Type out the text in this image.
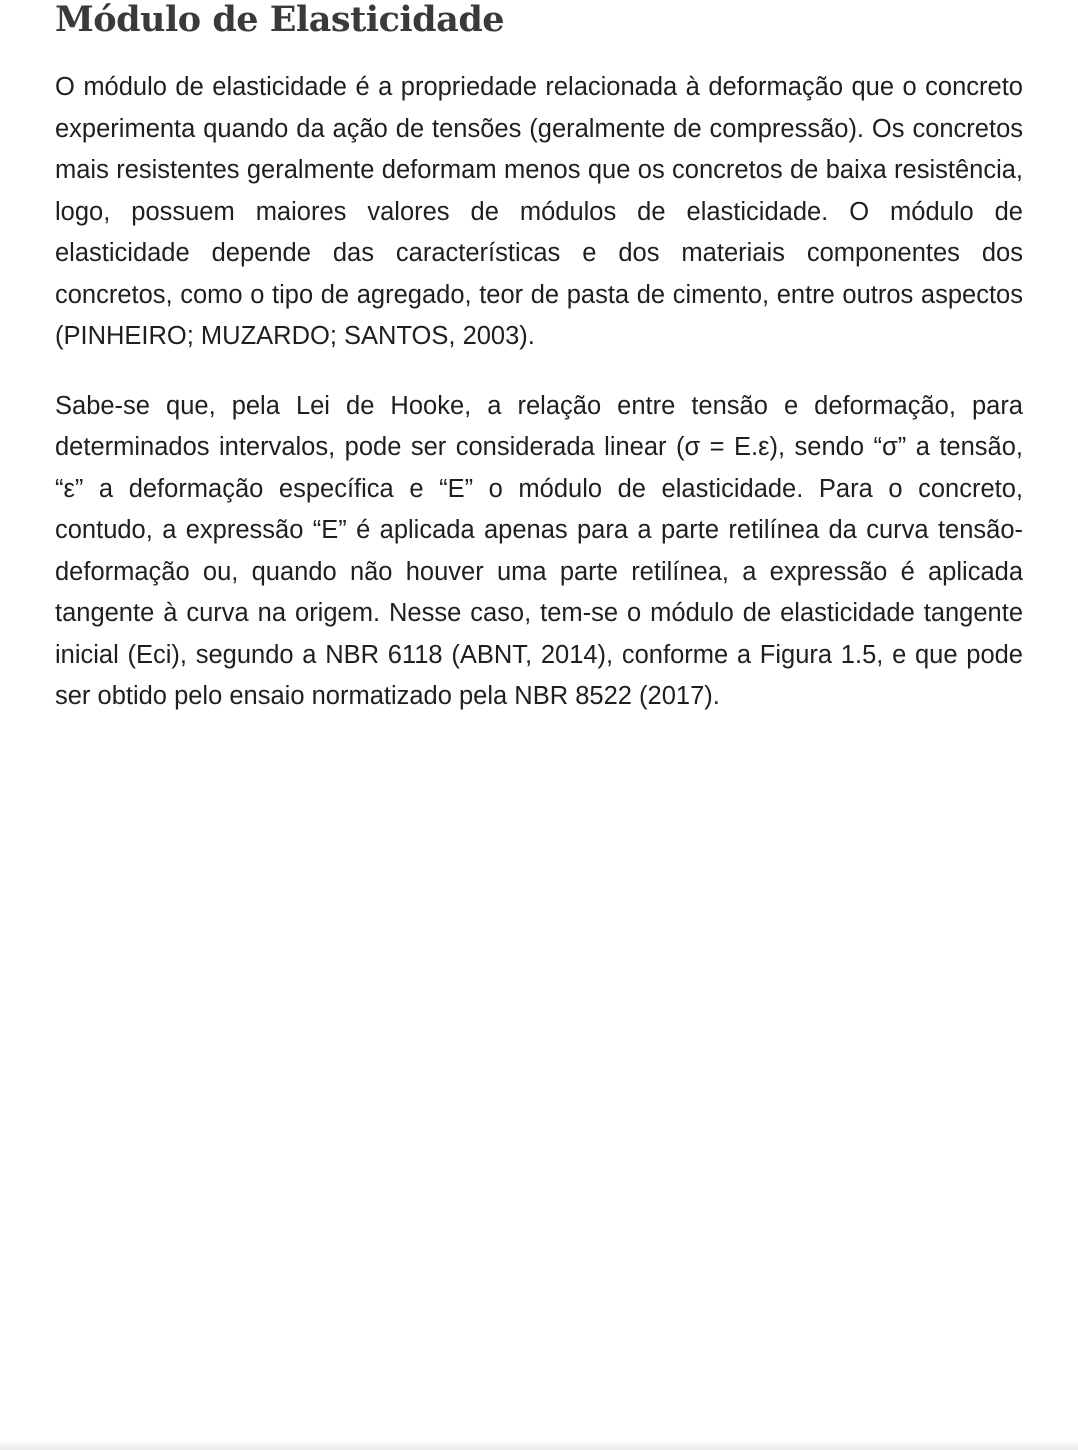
Módulo de Elasticidade

O módulo de elasticidade é a propriedade relacionada à deformação que o concreto experimenta quando da ação de tensões (geralmente de compressão). Os concretos mais resistentes geralmente deformam menos que os concretos de baixa resistência, logo, possuem maiores valores de módulos de elasticidade. O módulo de elasticidade depende das características e dos materiais componentes dos concretos, como o tipo de agregado, teor de pasta de cimento, entre outros aspectos (PINHEIRO; MUZARDO; SANTOS, 2003).

Sabe-se que, pela Lei de Hooke, a relação entre tensão e deformação, para determinados intervalos, pode ser considerada linear (σ = E.ε), sendo “σ” a tensão, “ε” a deformação específica e “E” o módulo de elasticidade. Para o concreto, contudo, a expressão “E” é aplicada apenas para a parte retilínea da curva tensão-deformação ou, quando não houver uma parte retilínea, a expressão é aplicada tangente à curva na origem. Nesse caso, tem-se o módulo de elasticidade tangente inicial (Eci), segundo a NBR 6118 (ABNT, 2014), conforme a Figura 1.5, e que pode ser obtido pelo ensaio normatizado pela NBR 8522 (2017).
